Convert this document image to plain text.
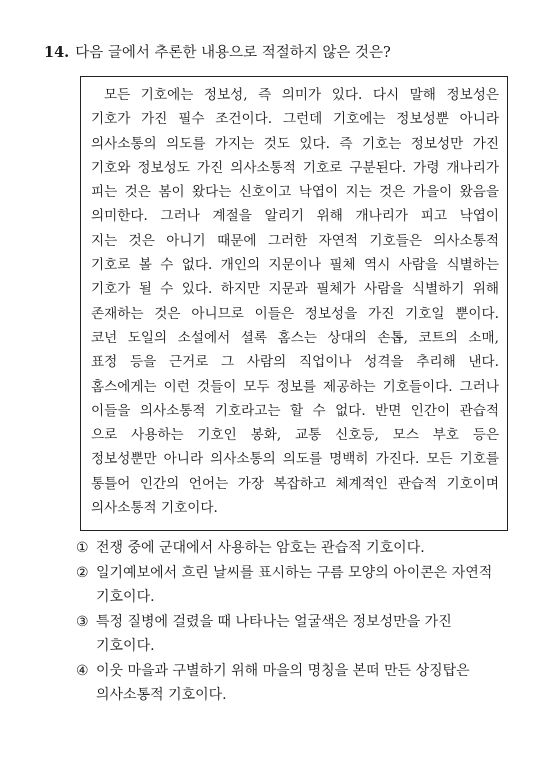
14. 다음 글에서 추론한 내용으로 적절하지 않은 것은?
모든 기호에는 정보성, 즉 의미가 있다. 다시 말해 정보성은
기호가 가진 필수 조건이다. 그런데 기호에는 정보성뿐 아니라
의사소통의 의도를 가지는 것도 있다. 즉 기호는 정보성만 가진
기호와 정보성도 가진 의사소통적 기호로 구분된다. 가령 개나리가
피는 것은 봄이 왔다는 신호이고 낙엽이 지는 것은 가을이 왔음을
의미한다. 그러나 계절을 알리기 위해 개나리가 피고 낙엽이
지는 것은 아니기 때문에 그러한 자연적 기호들은 의사소통적
기호로 볼 수 없다. 개인의 지문이나 필체 역시 사람을 식별하는
기호가 될 수 있다. 하지만 지문과 필체가 사람을 식별하기 위해
존재하는 것은 아니므로 이들은 정보성을 가진 기호일 뿐이다.
코넌 도일의 소설에서 셜록 홈스는 상대의 손톱, 코트의 소매,
표정 등을 근거로 그 사람의 직업이나 성격을 추리해 낸다.
홈스에게는 이런 것들이 모두 정보를 제공하는 기호들이다. 그러나
이들을 의사소통적 기호라고는 할 수 없다. 반면 인간이 관습적
으로 사용하는 기호인 봉화, 교통 신호등, 모스 부호 등은
정보성뿐만 아니라 의사소통의 의도를 명백히 가진다. 모든 기호를
통틀어 인간의 언어는 가장 복잡하고 체계적인 관습적 기호이며
의사소통적 기호이다.
① 전쟁 중에 군대에서 사용하는 암호는 관습적 기호이다.
② 일기예보에서 흐린 날씨를 표시하는 구름 모양의 아이콘은 자연적
기호이다.
③ 특정 질병에 걸렸을 때 나타나는 얼굴색은 정보성만을 가진
기호이다.
④ 이웃 마을과 구별하기 위해 마을의 명칭을 본떠 만든 상징탑은
의사소통적 기호이다.
